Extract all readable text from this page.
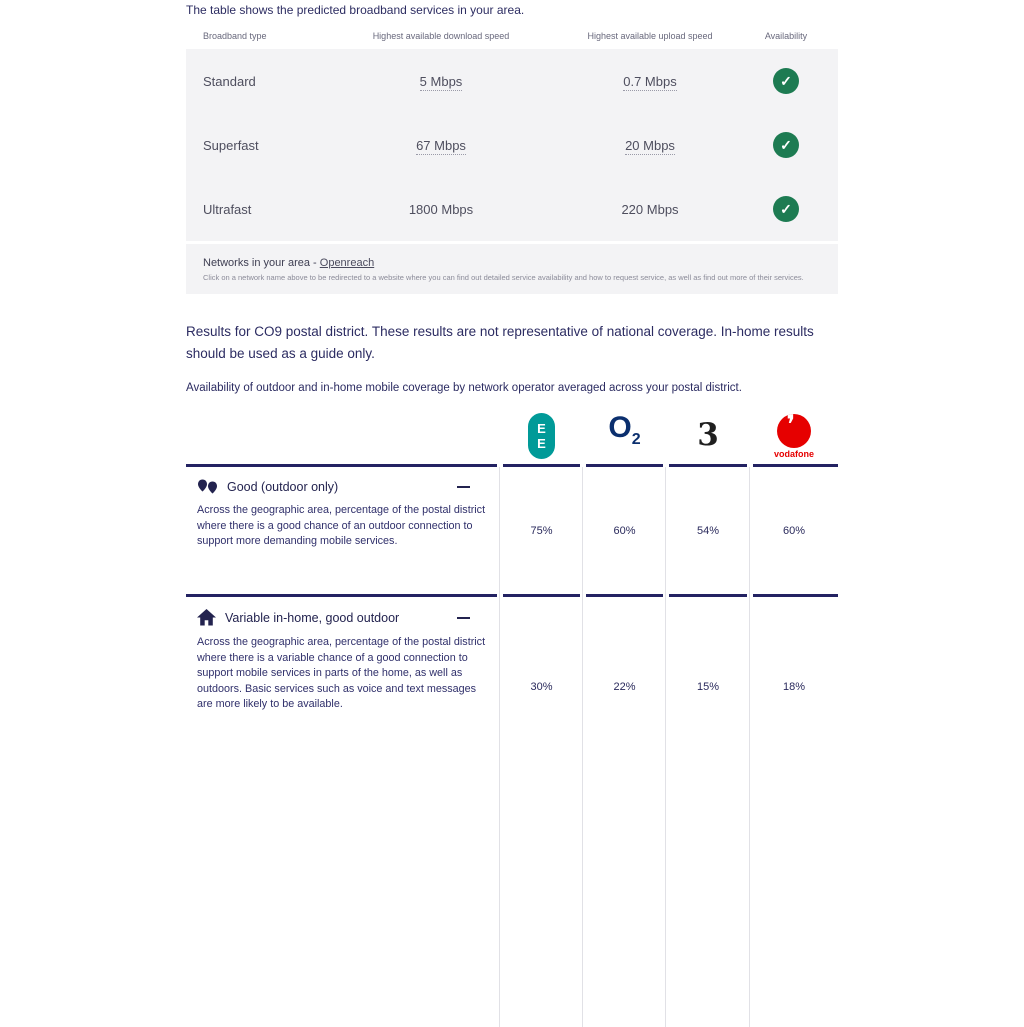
The table shows the predicted broadband services in your area.
Broadband type	Highest available download speed	Highest available upload speed	Availability
Standard	5 Mbps	0.7 Mbps	✓
Superfast	67 Mbps	20 Mbps	✓
Ultrafast	1800 Mbps	220 Mbps	✓
Networks in your area - Openreach
Click on a network name above to be redirected to a website where you can find out detailed service availability and how to request service, as well as find out more of their services.
Results for CO9 postal district. These results are not representative of national coverage. In-home results should be used as a guide only.
Availability of outdoor and in-home mobile coverage by network operator averaged across your postal district.
E
E $O_2$ 3 ❜
vodafone
Good (outdoor only)
Across the geographic area, percentage of the postal district where there is a good chance of an outdoor connection to support more demanding mobile services.
75%	60%	54%	60%
Variable in-home, good outdoor
Across the geographic area, percentage of the postal district where there is a variable chance of a good connection to support mobile services in parts of the home, as well as outdoors. Basic services such as voice and text messages are more likely to be available.
30%	22%	15%	18%
